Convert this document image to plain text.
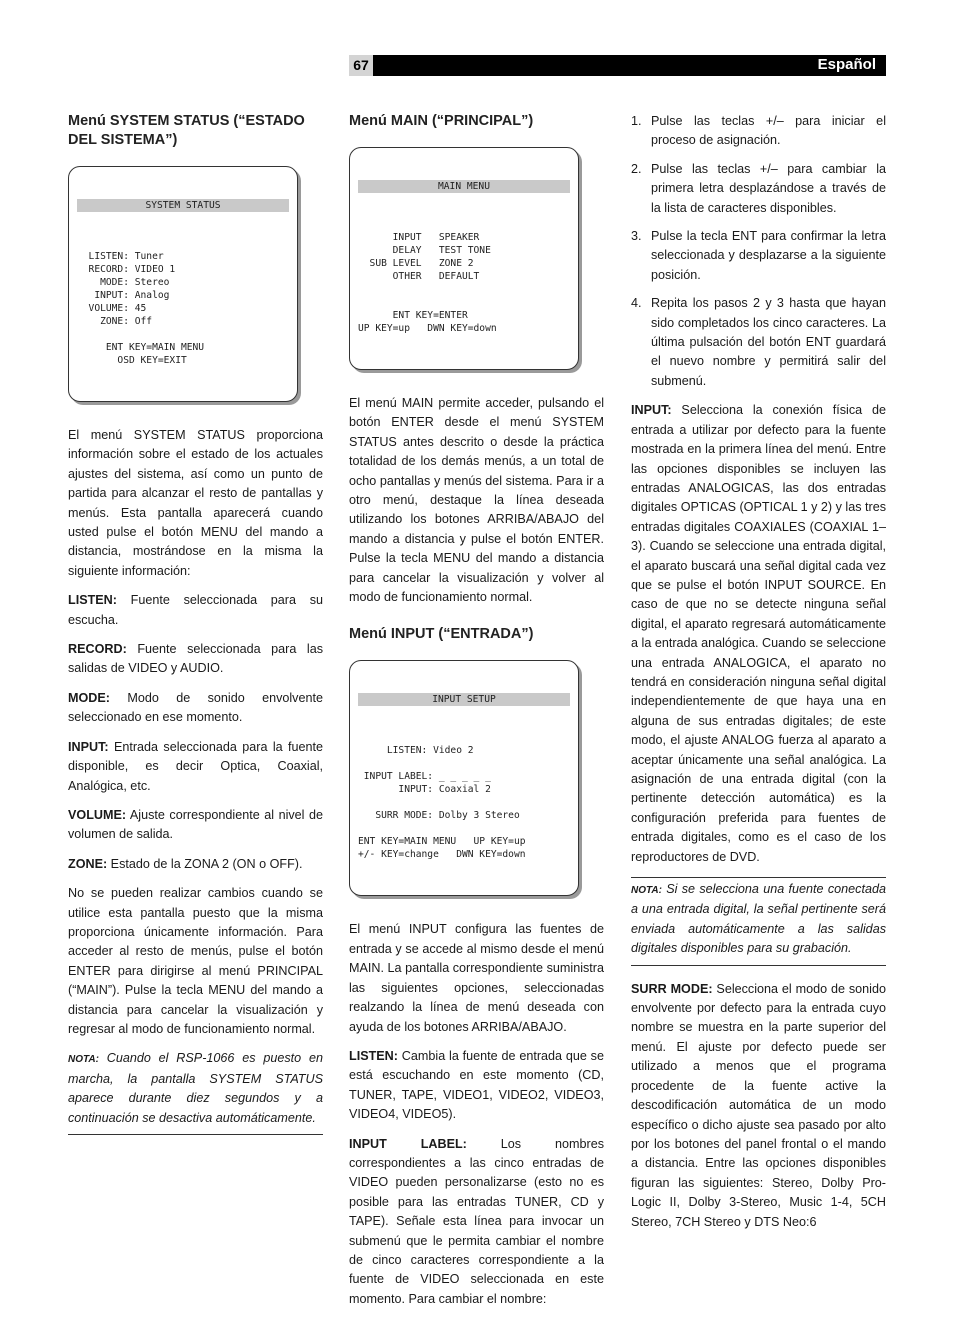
67	Español
Menú SYSTEM STATUS (“ESTADO DEL SISTEMA”)

SYSTEM STATUS

LISTEN: Tuner
RECORD: VIDEO 1
MODE: Stereo
INPUT: Analog
VOLUME: 45
ZONE: Off

ENT KEY=MAIN MENU
OSD KEY=EXIT

El menú SYSTEM STATUS proporciona información sobre el estado de los actuales ajustes del sistema, así como un punto de partida para alcanzar el resto de pantallas y menús. Esta pantalla aparecerá cuando usted pulse el botón MENU del mando a distancia, mostrándose en la misma la siguiente información:

LISTEN: Fuente seleccionada para su escucha.

RECORD: Fuente seleccionada para las salidas de VIDEO y AUDIO.

MODE: Modo de sonido envolvente seleccionado en ese momento.

INPUT: Entrada seleccionada para la fuente disponible, es decir Optica, Coaxial, Analógica, etc.

VOLUME: Ajuste correspondiente al nivel de volumen de salida.

ZONE: Estado de la ZONA 2 (ON o OFF).

No se pueden realizar cambios cuando se utilice esta pantalla puesto que la misma proporciona únicamente información. Para acceder al resto de menús, pulse el botón ENTER para dirigirse al menú PRINCIPAL (“MAIN”). Pulse la tecla MENU del mando a distancia para cancelar la visualización y regresar al modo de funcionamiento normal.

NOTA: Cuando el RSP-1066 es puesto en marcha, la pantalla SYSTEM STATUS aparece durante diez segundos y a continuación se desactiva automáticamente.
Menú MAIN (“PRINCIPAL”)

MAIN MENU

INPUT   SPEAKER
DELAY   TEST TONE
SUB LEVEL   ZONE 2
OTHER   DEFAULT

ENT KEY=ENTER
UP KEY=up   DWN KEY=down

El menú MAIN permite acceder, pulsando el botón ENTER desde el menú SYSTEM STATUS antes descrito o desde la práctica totalidad de los demás menús, a un total de ocho pantallas y menús del sistema. Para ir a otro menú, destaque la línea deseada utilizando los botones ARRIBA/ABAJO del mando a distancia y pulse el botón ENTER. Pulse la tecla MENU del mando a distancia para cancelar la visualización y volver al modo de funcionamiento normal.

Menú INPUT (“ENTRADA”)

INPUT SETUP

LISTEN: Video 2

INPUT LABEL: _ _ _ _ _
INPUT: Coaxial 2

SURR MODE: Dolby 3 Stereo

ENT KEY=MAIN MENU   UP KEY=up
+/- KEY=change   DWN KEY=down

El menú INPUT configura las fuentes de entrada y se accede al mismo desde el menú MAIN. La pantalla correspondiente suministra las siguientes opciones, seleccionadas realzando la línea de menú deseada con ayuda de los botones ARRIBA/ABAJO.

LISTEN: Cambia la fuente de entrada que se está escuchando en este momento (CD, TUNER, TAPE, VIDEO1, VIDEO2, VIDEO3, VIDEO4, VIDEO5).

INPUT LABEL: Los nombres correspondientes a las cinco entradas de VIDEO pueden personalizarse (esto no es posible para las entradas TUNER, CD y TAPE). Señale esta línea para invocar un submenú que le permita cambiar el nombre de cinco caracteres correspondiente a la fuente de VIDEO seleccionada en este momento. Para cambiar el nombre:

1. Pulse las teclas +/– para iniciar el proceso de asignación.
2. Pulse las teclas +/– para cambiar la primera letra desplazándose a través de la lista de caracteres disponibles.
3. Pulse la tecla ENT para confirmar la letra seleccionada y desplazarse a la siguiente posición.
4. Repita los pasos 2 y 3 hasta que hayan sido completados los cinco caracteres. La última pulsación del botón ENT guardará el nuevo nombre y permitirá salir del submenú.

INPUT: Selecciona la conexión física de entrada a utilizar por defecto para la fuente mostrada en la primera línea del menú. Entre las opciones disponibles se incluyen las entradas ANALOGICAS, las dos entradas digitales OPTICAS (OPTICAL 1 y 2) y las tres entradas digitales COAXIALES (COAXIAL 1–3). Cuando se seleccione una entrada digital, el aparato buscará una señal digital cada vez que se pulse el botón INPUT SOURCE. En caso de que no se detecte ninguna señal digital, el aparato regresará automáticamente a la entrada analógica. Cuando se seleccione una entrada ANALOGICA, el aparato no tendrá en consideración ninguna señal digital independientemente de que haya una en alguna de sus entradas digitales; de este modo, el ajuste ANALOG fuerza al aparato a aceptar únicamente una señal analógica. La asignación de una entrada digital (con la pertinente detección automática) es la configuración preferida para fuentes de entrada digitales, como es el caso de los reproductores de DVD.

NOTA: Si se selecciona una fuente conectada a una entrada digital, la señal pertinente será enviada automáticamente a las salidas digitales disponibles para su grabación.

SURR MODE: Selecciona el modo de sonido envolvente por defecto para la entrada cuyo nombre se muestra en la parte superior del menú. El ajuste por defecto puede ser utilizado a menos que el programa procedente de la fuente active la descodificación automática de un modo específico o dicho ajuste sea pasado por alto por los botones del panel frontal o el mando a distancia. Entre las opciones disponibles figuran las siguientes: Stereo, Dolby Pro-Logic II, Dolby 3-Stereo, Music 1-4, 5CH Stereo, 7CH Stereo y DTS Neo:6
